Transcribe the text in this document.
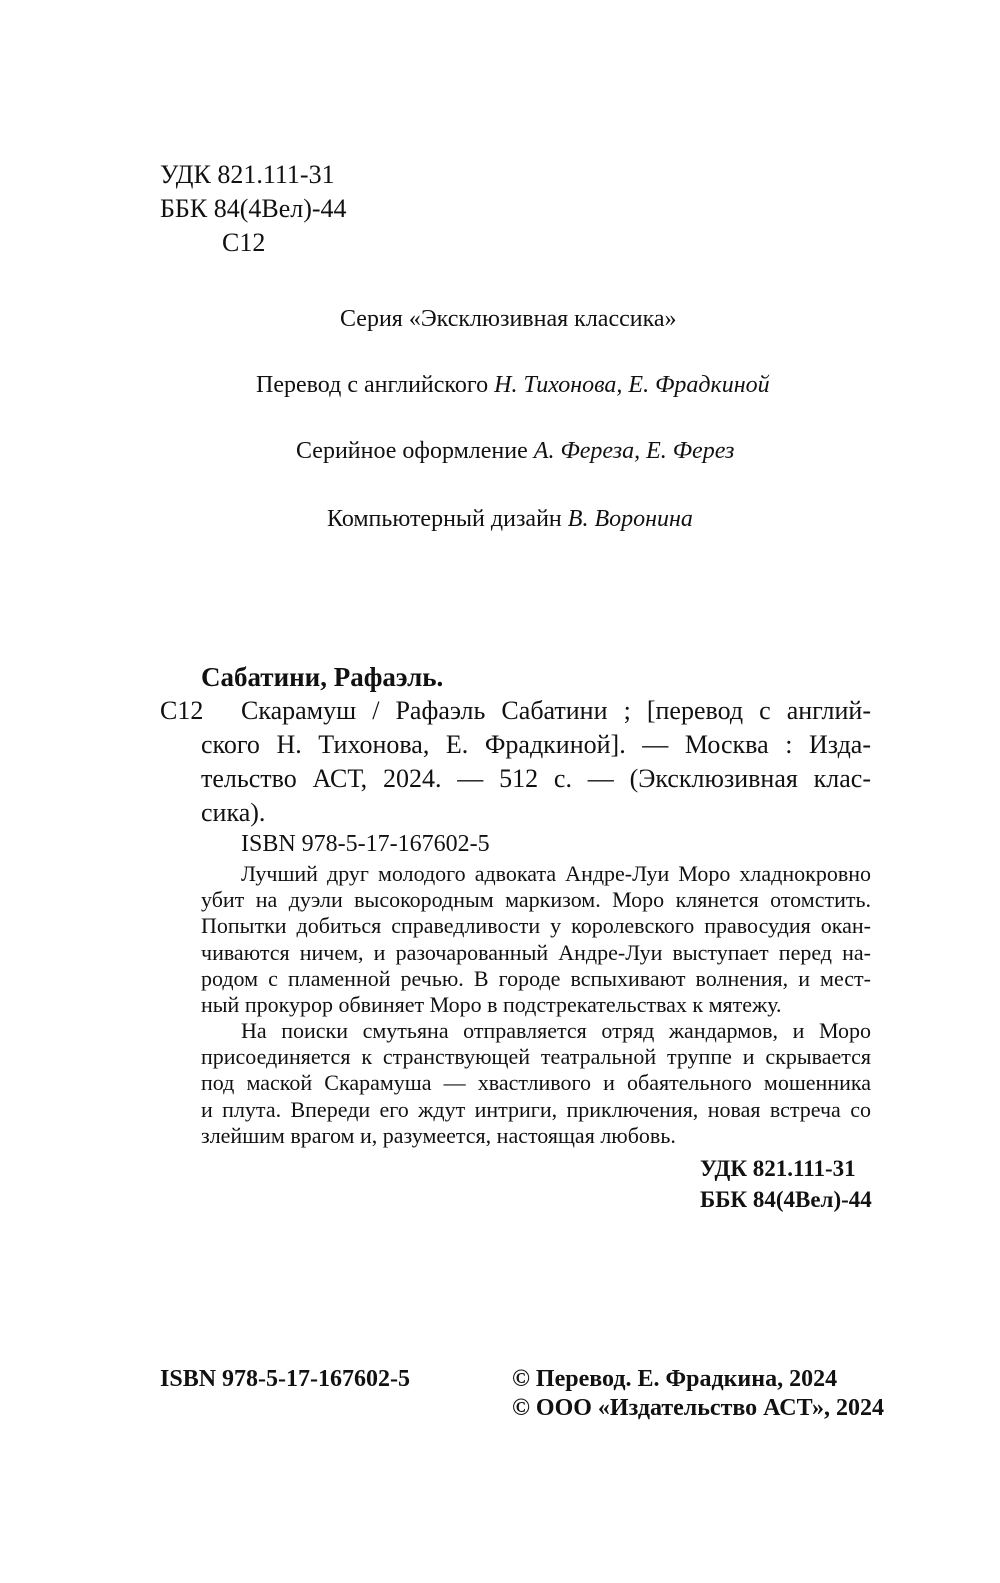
УДК 821.111-31
ББК 84(4Вел)-44
С12
Серия «Эксклюзивная классика»
Перевод с английского Н. Тихонова, Е. Фрадкиной
Серийное оформление А. Фереза, Е. Ферез
Компьютерный дизайн В. Воронина
Сабатини, Рафаэль.
С12	Скарамуш / Рафаэль Сабатини ; [перевод с англий-
ского Н. Тихонова, Е. Фрадкиной]. — Москва : Изда-
тельство АСТ, 2024. — 512 с. — (Эксклюзивная клас-
сика).
ISBN 978-5-17-167602-5
Лучший друг молодого адвоката Андре-Луи Моро хладнокровно
убит на дуэли высокородным маркизом. Моро клянется отомстить.
Попытки добиться справедливости у королевского правосудия окан-
чиваются ничем, и разочарованный Андре-Луи выступает перед на-
родом с пламенной речью. В городе вспыхивают волнения, и мест-
ный прокурор обвиняет Моро в подстрекательствах к мятежу.
На поиски смутьяна отправляется отряд жандармов, и Моро
присоединяется к странствующей театральной труппе и скрывается
под маской Скарамуша — хвастливого и обаятельного мошенника
и плута. Впереди его ждут интриги, приключения, новая встреча со
злейшим врагом и, разумеется, настоящая любовь.
УДК 821.111-31
ББК 84(4Вел)-44
ISBN 978-5-17-167602-5	© Перевод. Е. Фрадкина, 2024
© ООО «Издательство АСТ», 2024
